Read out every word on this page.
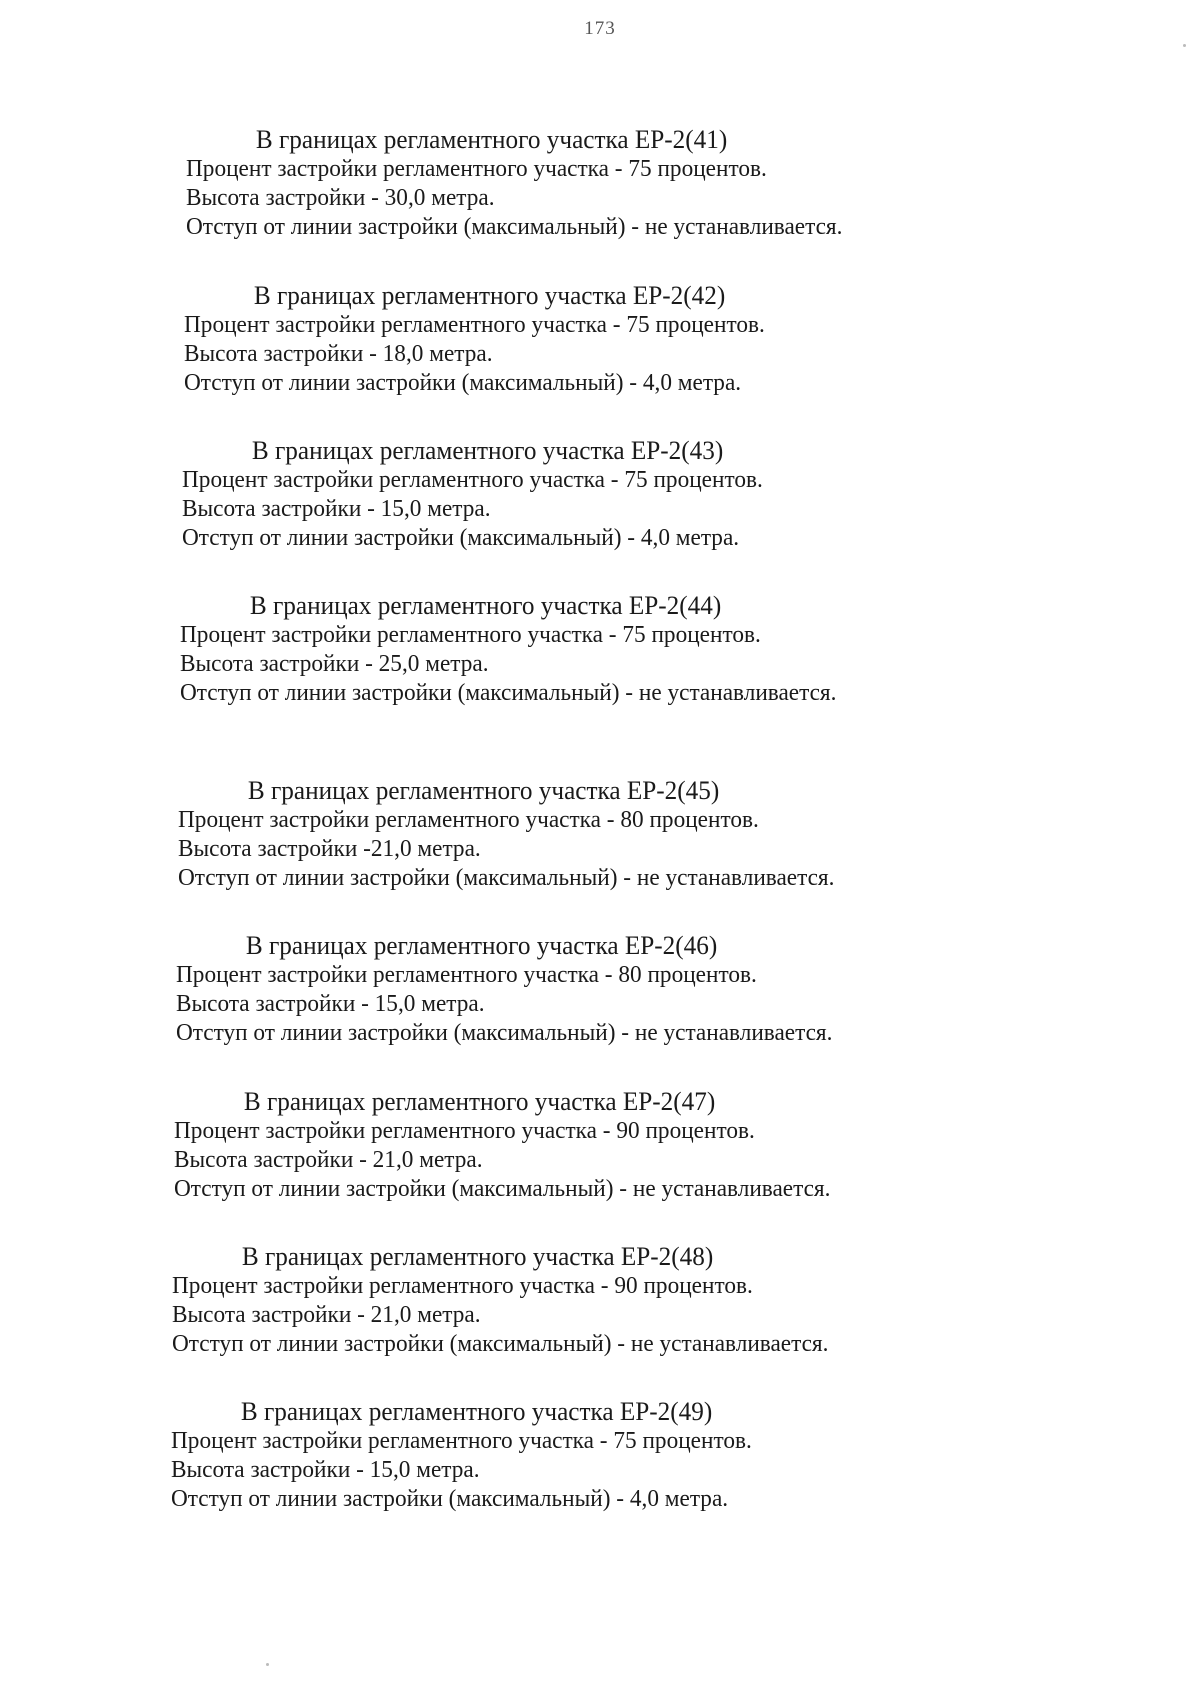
173
В границах регламентного участка ЕР-2(41)
Процент застройки регламентного участка - 75 процентов.
Высота застройки - 30,0 метра.
Отступ от линии застройки (максимальный) - не устанавливается.
В границах регламентного участка ЕР-2(42)
Процент застройки регламентного участка - 75 процентов.
Высота застройки - 18,0 метра.
Отступ от линии застройки (максимальный) - 4,0 метра.
В границах регламентного участка ЕР-2(43)
Процент застройки регламентного участка - 75 процентов.
Высота застройки - 15,0 метра.
Отступ от линии застройки (максимальный) - 4,0 метра.
В границах регламентного участка ЕР-2(44)
Процент застройки регламентного участка - 75 процентов.
Высота застройки - 25,0 метра.
Отступ от линии застройки (максимальный) - не устанавливается.
В границах регламентного участка ЕР-2(45)
Процент застройки регламентного участка - 80 процентов.
Высота застройки -21,0 метра.
Отступ от линии застройки (максимальный) - не устанавливается.
В границах регламентного участка ЕР-2(46)
Процент застройки регламентного участка - 80 процентов.
Высота застройки - 15,0 метра.
Отступ от линии застройки (максимальный) - не устанавливается.
В границах регламентного участка ЕР-2(47)
Процент застройки регламентного участка - 90 процентов.
Высота застройки - 21,0 метра.
Отступ от линии застройки (максимальный) - не устанавливается.
В границах регламентного участка ЕР-2(48)
Процент застройки регламентного участка - 90 процентов.
Высота застройки - 21,0 метра.
Отступ от линии застройки (максимальный) - не устанавливается.
В границах регламентного участка ЕР-2(49)
Процент застройки регламентного участка - 75 процентов.
Высота застройки - 15,0 метра.
Отступ от линии застройки (максимальный) - 4,0 метра.
